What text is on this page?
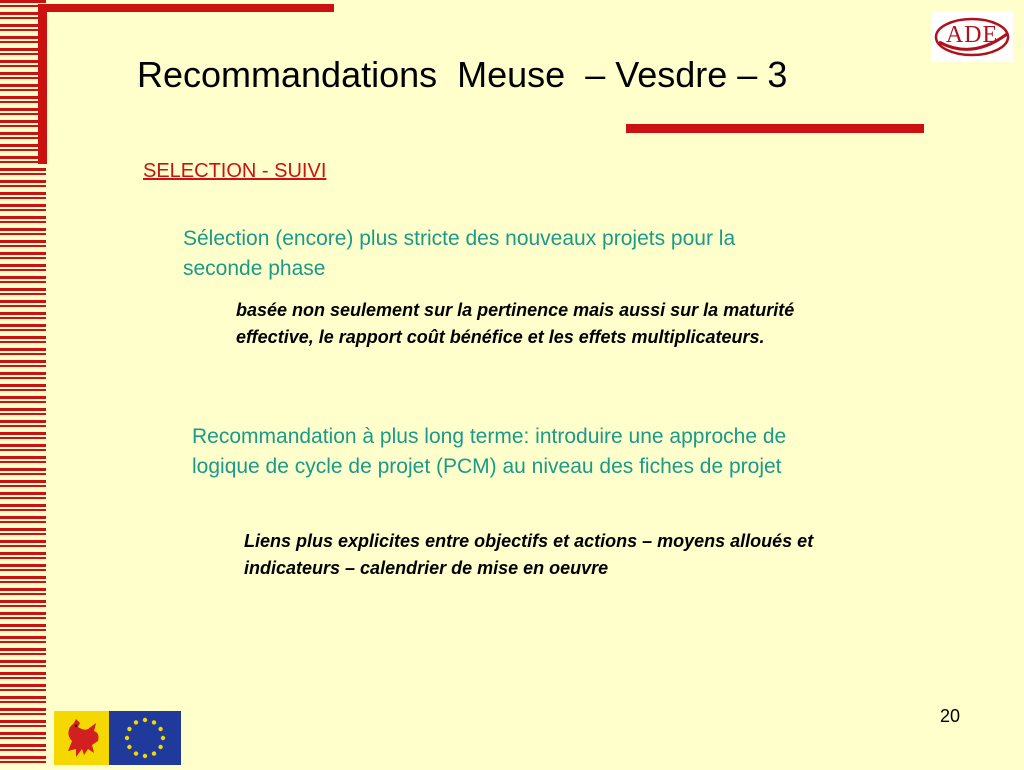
Recommandations  Meuse  – Vesdre – 3
ADE
SELECTION - SUIVI
Sélection (encore) plus stricte des nouveaux projets pour la seconde phase
basée non seulement sur la pertinence mais aussi sur la maturité effective, le rapport coût bénéfice et les effets multiplicateurs.
Recommandation à plus long terme: introduire une approche de logique de cycle de projet (PCM) au niveau des fiches de projet
Liens plus explicites entre objectifs et actions – moyens alloués et indicateurs – calendrier de mise en oeuvre
20
